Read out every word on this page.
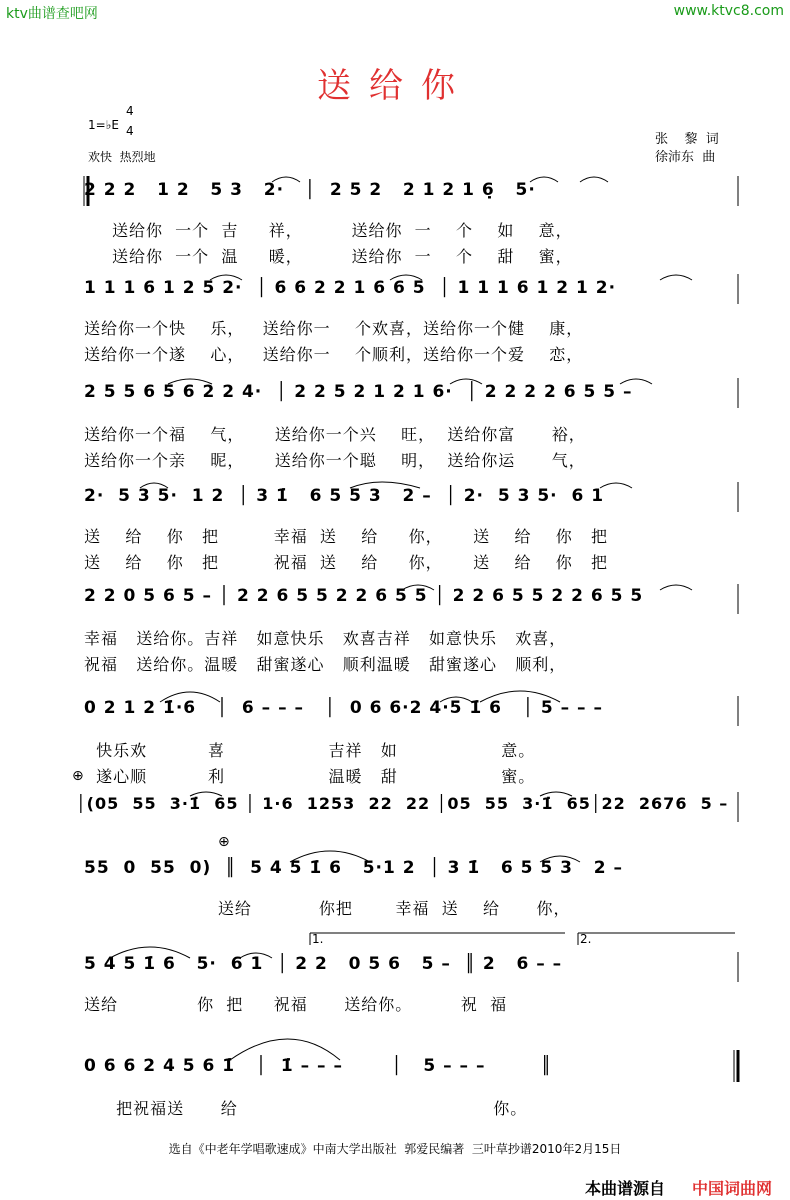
ktv曲谱查吧网	www.ktvc8.com
送给你
1=♭E
4
4
欢快  热烈地
张    黎  词
徐沛东  曲
2 2 2   1 2   5 3   2·   │  2 5 2   2 1 2 1 6̣   5·
送给你  一个  吉     祥，        送给你  一    个    如    意，
送给你  一个  温     暖，        送给你  一    个    甜    蜜，
1 1 1 6 1 2 5 2·  │ 6 6 2 2 1 6 6 5  │ 1 1 1 6 1 2 1 2·
送给你一个快    乐，   送给你一    个欢喜，送给你一个健    康，
送给你一个遂    心，   送给你一    个顺利，送给你一个爱    恋，
2 5 5 6 5 6 2 2 4·  │ 2 2 5 2 1 2 1 6·  │ 2 2 2 2 6 5 5 –
送给你一个福    气，     送给你一个兴    旺，  送给你富      裕，
送给你一个亲    昵，     送给你一个聪    明，  送给你运      气，
2·  5 3 5·  1 2  │ 3 1̇   6 5 5 3   2 –  │ 2·  5 3 5·  6 1
送    给    你   把         幸福  送    给     你，     送    给    你   把
送    给    你   把         祝福  送    给     你，     送    给    你   把
2 2 0 5 6 5 – │ 2 2 6 5 5 2 2 6 5 5 │ 2 2 6 5 5 2 2 6 5 5
幸福   送给你。吉祥   如意快乐   欢喜吉祥   如意快乐   欢喜，
祝福   送给你。温暖   甜蜜遂心   顺利温暖   甜蜜遂心   顺利，
0 2 1 2 1̇·6   │  6 – – –   │  0 6 6·2 4·5 1̇ 6   │ 5 – – –
快乐欢          喜                 吉祥   如                 意。
遂心顺          利                 温暖   甜                 蜜。
⊕
│(05  55  3·1̇  65 │ 1·6  1253  22  22 │05  55  3·1̇  65│22  2676  5 –
⊕
55  0  55  0)  ║  5 4 5 1̇ 6   5·1 2  │ 3 1̇   6 5 5 3   2 –
送给           你把       幸福  送    给      你，
1.	2.
5 4 5 1̇ 6   5·  6 1  │ 2 2   0 5 6   5 –  ║ 2   6 – –
送给             你  把     祝福      送给你。        祝  福
0 6 6 2 4 5 6 1̇   │  1̇ – – –       │   5 – – –        ║
把祝福送      给                                          你。
选自《中老年学唱歌速成》中南大学出版社  郭爱民编著  三叶草抄谱2010年2月15日
本曲谱源自 中国词曲网
